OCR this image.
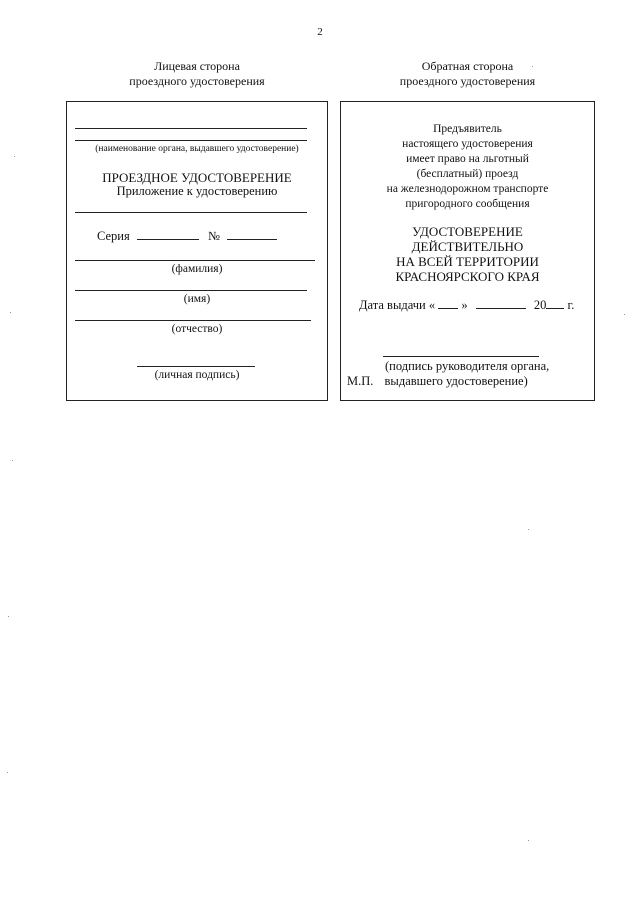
2
Лицевая сторона
проездного удостоверения
Обратная сторона
проездного удостоверения
(наименование органа, выдавшего удостоверение)
ПРОЕЗДНОЕ УДОСТОВЕРЕНИЕ
Приложение к удостоверению
Серия	№
(фамилия)
(имя)
(отчество)
(личная подпись)
Предъявитель
настоящего удостоверения
имеет право на льготный
(бесплатный) проезд
на железнодорожном транспорте
пригородного сообщения
УДОСТОВЕРЕНИЕ
ДЕЙСТВИТЕЛЬНО
НА ВСЕЙ ТЕРРИТОРИИ
КРАСНОЯРСКОГО КРАЯ
Дата выдачи « »	20 г.
(подпись руководителя органа,
М.П. выдавшего удостоверение)
